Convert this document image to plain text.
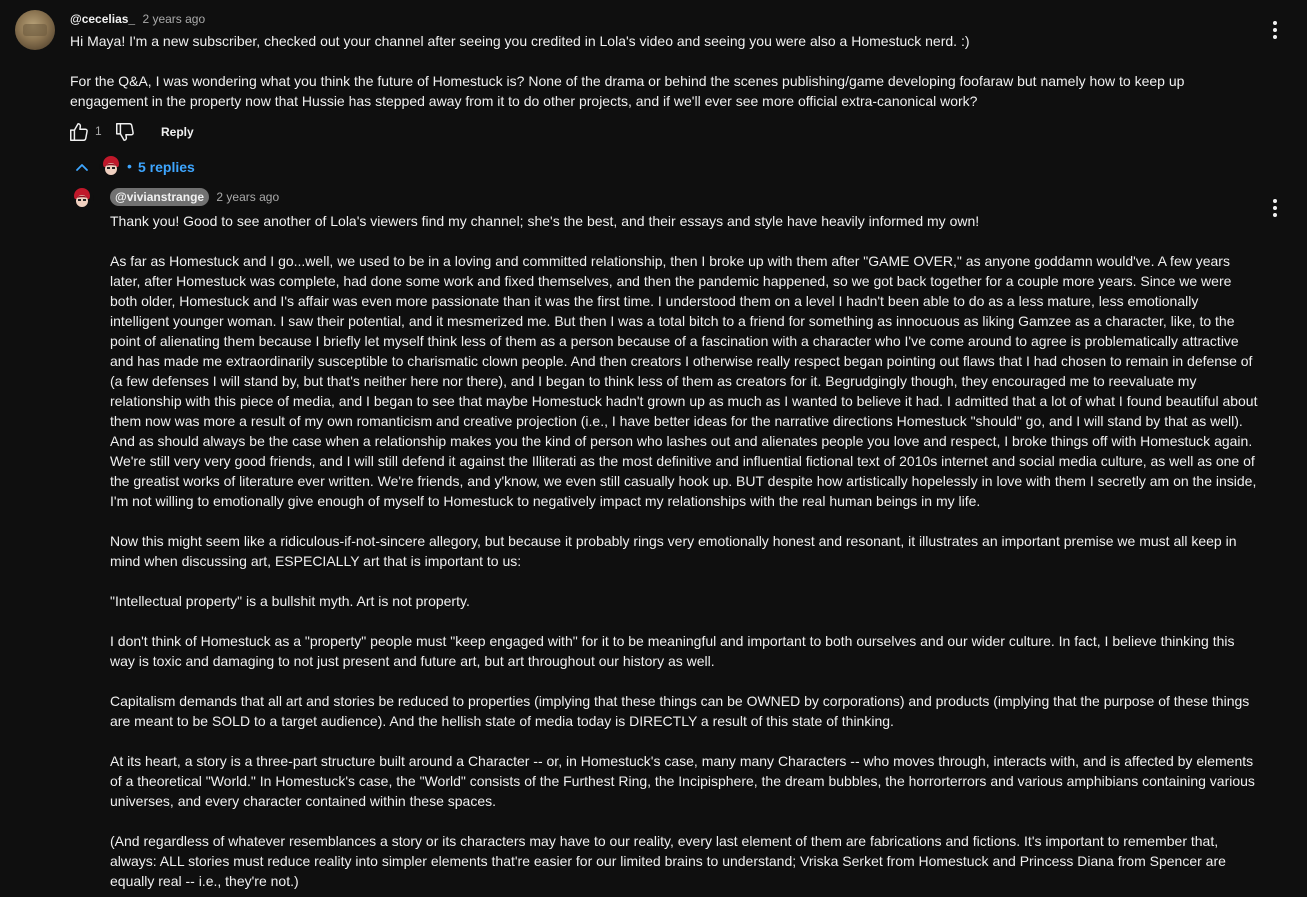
@cecelias_ 2 years ago

Hi Maya! I'm a new subscriber, checked out your channel after seeing you credited in Lola's video and seeing you were also a Homestuck nerd. :)

For the Q&A, I was wondering what you think the future of Homestuck is? None of the drama or behind the scenes publishing/game developing foofaraw but namely how to keep up engagement in the property now that Hussie has stepped away from it to do other projects, and if we'll ever see more official extra-canonical work?

1	Reply
• 5 replies
@vivianstrange 2 years ago

Thank you! Good to see another of Lola's viewers find my channel; she's the best, and their essays and style have heavily informed my own!

As far as Homestuck and I go...well, we used to be in a loving and committed relationship, then I broke up with them after "GAME OVER," as anyone goddamn would've. A few years later, after Homestuck was complete, had done some work and fixed themselves, and then the pandemic happened, so we got back together for a couple more years. Since we were both older, Homestuck and I's affair was even more passionate than it was the first time. I understood them on a level I hadn't been able to do as a less mature, less emotionally intelligent younger woman. I saw their potential, and it mesmerized me. But then I was a total bitch to a friend for something as innocuous as liking Gamzee as a character, like, to the point of alienating them because I briefly let myself think less of them as a person because of a fascination with a character who I've come around to agree is problematically attractive and has made me extraordinarily susceptible to charismatic clown people. And then creators I otherwise really respect began pointing out flaws that I had chosen to remain in defense of (a few defenses I will stand by, but that's neither here nor there), and I began to think less of them as creators for it. Begrudgingly though, they encouraged me to reevaluate my relationship with this piece of media, and I began to see that maybe Homestuck hadn't grown up as much as I wanted to believe it had. I admitted that a lot of what I found beautiful about them now was more a result of my own romanticism and creative projection (i.e., I have better ideas for the narrative directions Homestuck "should" go, and I will stand by that as well). And as should always be the case when a relationship makes you the kind of person who lashes out and alienates people you love and respect, I broke things off with Homestuck again. We're still very very good friends, and I will still defend it against the Illiterati as the most definitive and influential fictional text of 2010s internet and social media culture, as well as one of the greatist works of literature ever written. We're friends, and y'know, we even still casually hook up. BUT despite how artistically hopelessly in love with them I secretly am on the inside, I'm not willing to emotionally give enough of myself to Homestuck to negatively impact my relationships with the real human beings in my life.

Now this might seem like a ridiculous-if-not-sincere allegory, but because it probably rings very emotionally honest and resonant, it illustrates an important premise we must all keep in mind when discussing art, ESPECIALLY art that is important to us:

"Intellectual property" is a bullshit myth. Art is not property.

I don't think of Homestuck as a "property" people must "keep engaged with" for it to be meaningful and important to both ourselves and our wider culture. In fact, I believe thinking this way is toxic and damaging to not just present and future art, but art throughout our history as well.

Capitalism demands that all art and stories be reduced to properties (implying that these things can be OWNED by corporations) and products (implying that the purpose of these things are meant to be SOLD to a target audience). And the hellish state of media today is DIRECTLY a result of this state of thinking.

At its heart, a story is a three-part structure built around a Character -- or, in Homestuck's case, many many Characters -- who moves through, interacts with, and is affected by elements of a theoretical "World." In Homestuck's case, the "World" consists of the Furthest Ring, the Incipisphere, the dream bubbles, the horrorterrors and various amphibians containing various universes, and every character contained within these spaces.

(And regardless of whatever resemblances a story or its characters may have to our reality, every last element of them are fabrications and fictions. It's important to remember that, always: ALL stories must reduce reality into simpler elements that're easier for our limited brains to understand; Vriska Serket from Homestuck and Princess Diana from Spencer are equally real -- i.e., they're not.)
